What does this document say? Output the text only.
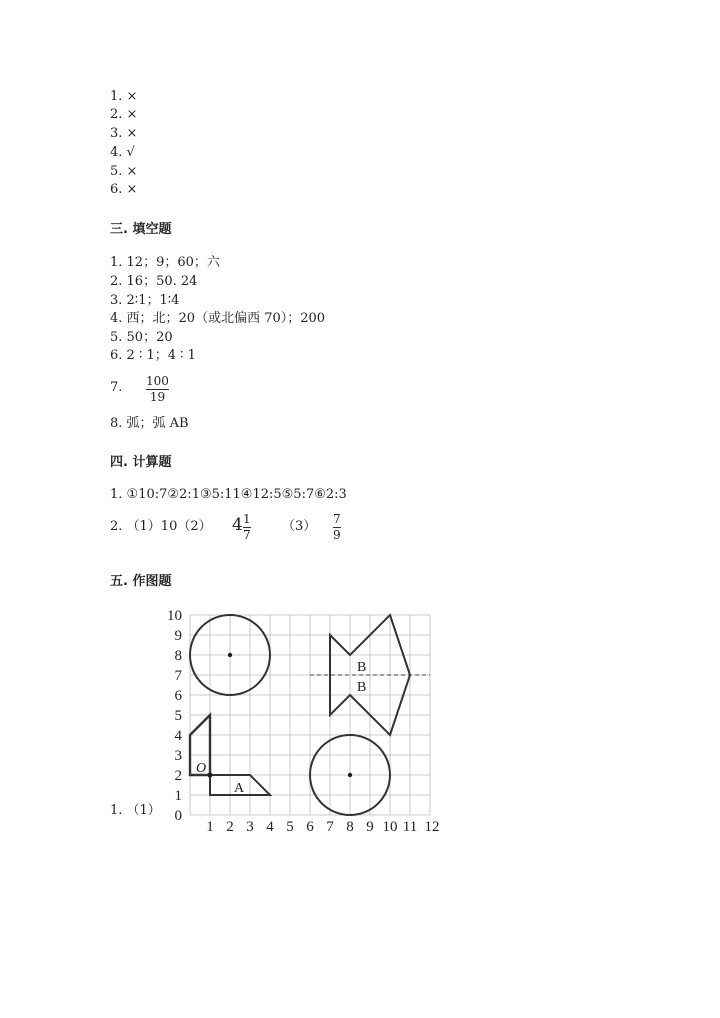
1. ×
2. ×
3. ×
4. √
5. ×
6. ×
三. 填空题
1. 12；9；60；六
2. 16；50. 24
3. 2∶1；1∶4
4. 西；北；20（或北偏西 70）；200
5. 50；20
6. 2 ∶ 1；4 ∶ 1
7. 100
19
8. 弧；弧 AB
四. 计算题
1. ①10:7②2:1③5:11④12:5⑤5:7⑥2:3
2. （1）10（2） 4 1
7
（3） 7
9
五. 作图题
1. （1）
O
A
B
B
10
9
8
7
6
5
4
3
2
1
0
1 2 3 4 5 6 7 8 9 10 11 12
